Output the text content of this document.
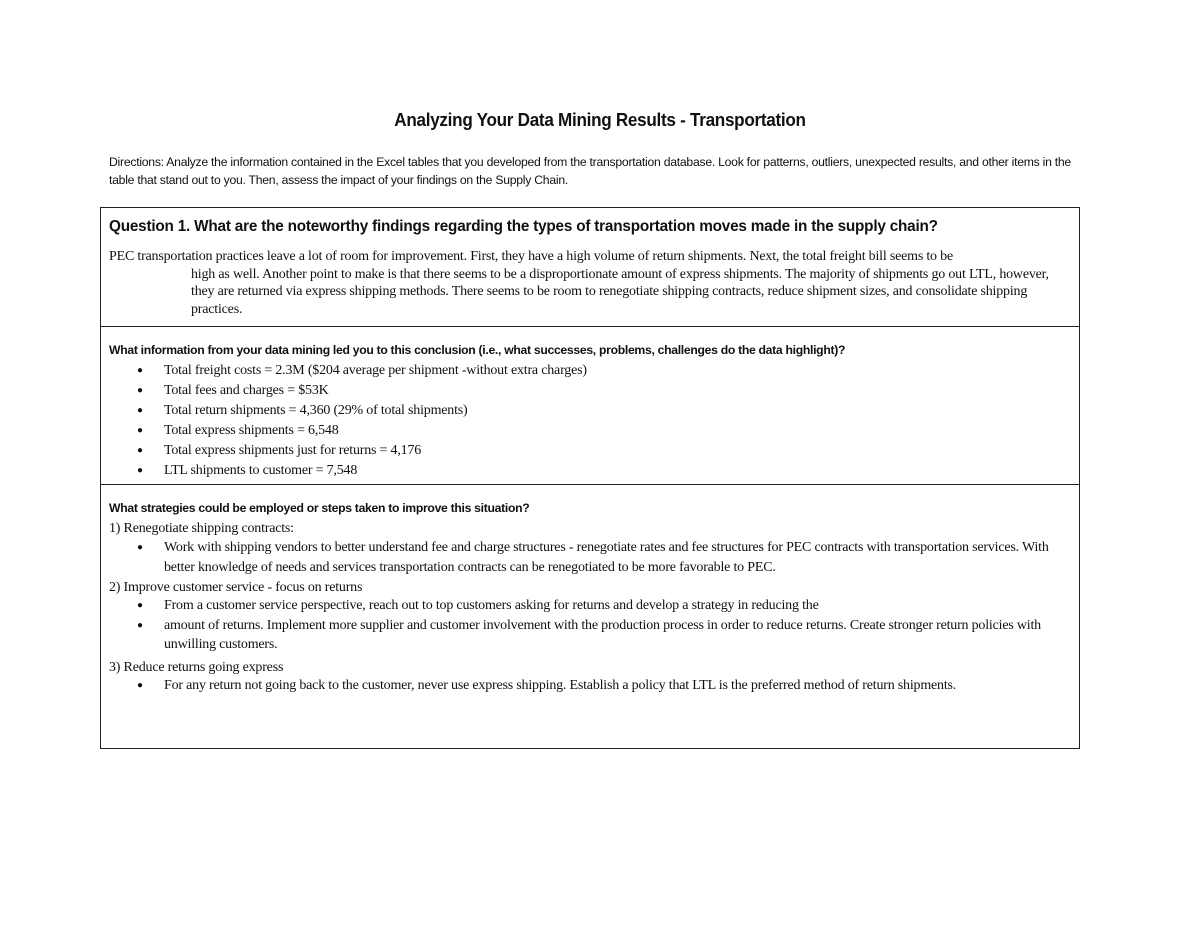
Analyzing Your Data Mining Results - Transportation
Directions: Analyze the information contained in the Excel tables that you developed from the transportation database. Look for patterns, outliers, unexpected results, and other items in the table that stand out to you. Then, assess the impact of your findings on the Supply Chain.
Question 1. What are the noteworthy findings regarding the types of transportation moves made in the supply chain?
PEC transportation practices leave a lot of room for improvement. First, they have a high volume of return shipments. Next, the total freight bill seems to be
high as well. Another point to make is that there seems to be a disproportionate amount of express shipments. The majority of shipments go out LTL, however, they are returned via express shipping methods. There seems to be room to renegotiate shipping contracts, reduce shipment sizes, and consolidate shipping practices.
What information from your data mining led you to this conclusion (i.e., what successes, problems, challenges do the data highlight)?
● Total freight costs = 2.3M ($204 average per shipment -without extra charges)
● Total fees and charges = $53K
● Total return shipments = 4,360 (29% of total shipments)
● Total express shipments = 6,548
● Total express shipments just for returns = 4,176
● LTL shipments to customer = 7,548
What strategies could be employed or steps taken to improve this situation?
1) Renegotiate shipping contracts:
● Work with shipping vendors to better understand fee and charge structures - renegotiate rates and fee structures for PEC contracts with transportation services. With better knowledge of needs and services transportation contracts can be renegotiated to be more favorable to PEC.
2) Improve customer service - focus on returns
● From a customer service perspective, reach out to top customers asking for returns and develop a strategy in reducing the
● amount of returns. Implement more supplier and customer involvement with the production process in order to reduce returns. Create stronger return policies with unwilling customers.
3) Reduce returns going express
● For any return not going back to the customer, never use express shipping. Establish a policy that LTL is the preferred method of return shipments.
